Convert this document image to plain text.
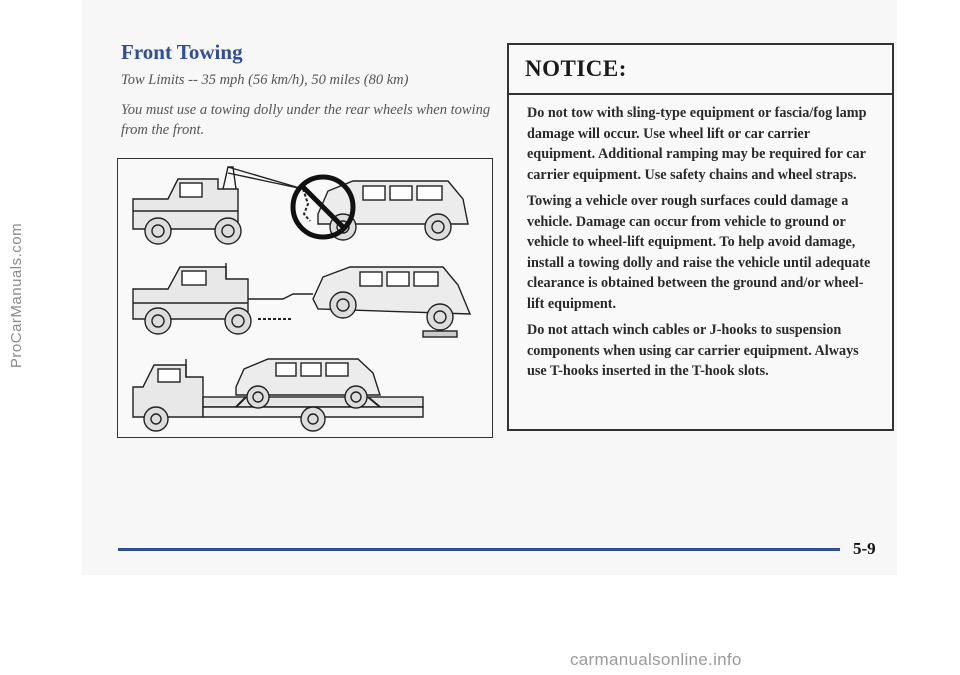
ProCarManuals.com
Front Towing
Tow Limits -- 35 mph (56 km/h), 50 miles (80 km)
You must use a towing dolly under the rear wheels when towing from the front.
NOTICE:

Do not tow with sling-type equipment or fascia/fog lamp damage will occur. Use wheel lift or car carrier equipment. Additional ramping may be required for car carrier equipment. Use safety chains and wheel straps.

Towing a vehicle over rough surfaces could damage a vehicle. Damage can occur from vehicle to ground or vehicle to wheel-lift equipment. To help avoid damage, install a towing dolly and raise the vehicle until adequate clearance is obtained between the ground and/or wheel-lift equipment.

Do not attach winch cables or J-hooks to suspension components when using car carrier equipment. Always use T-hooks inserted in the T-hook slots.

5-9
carmanualsonline.info
